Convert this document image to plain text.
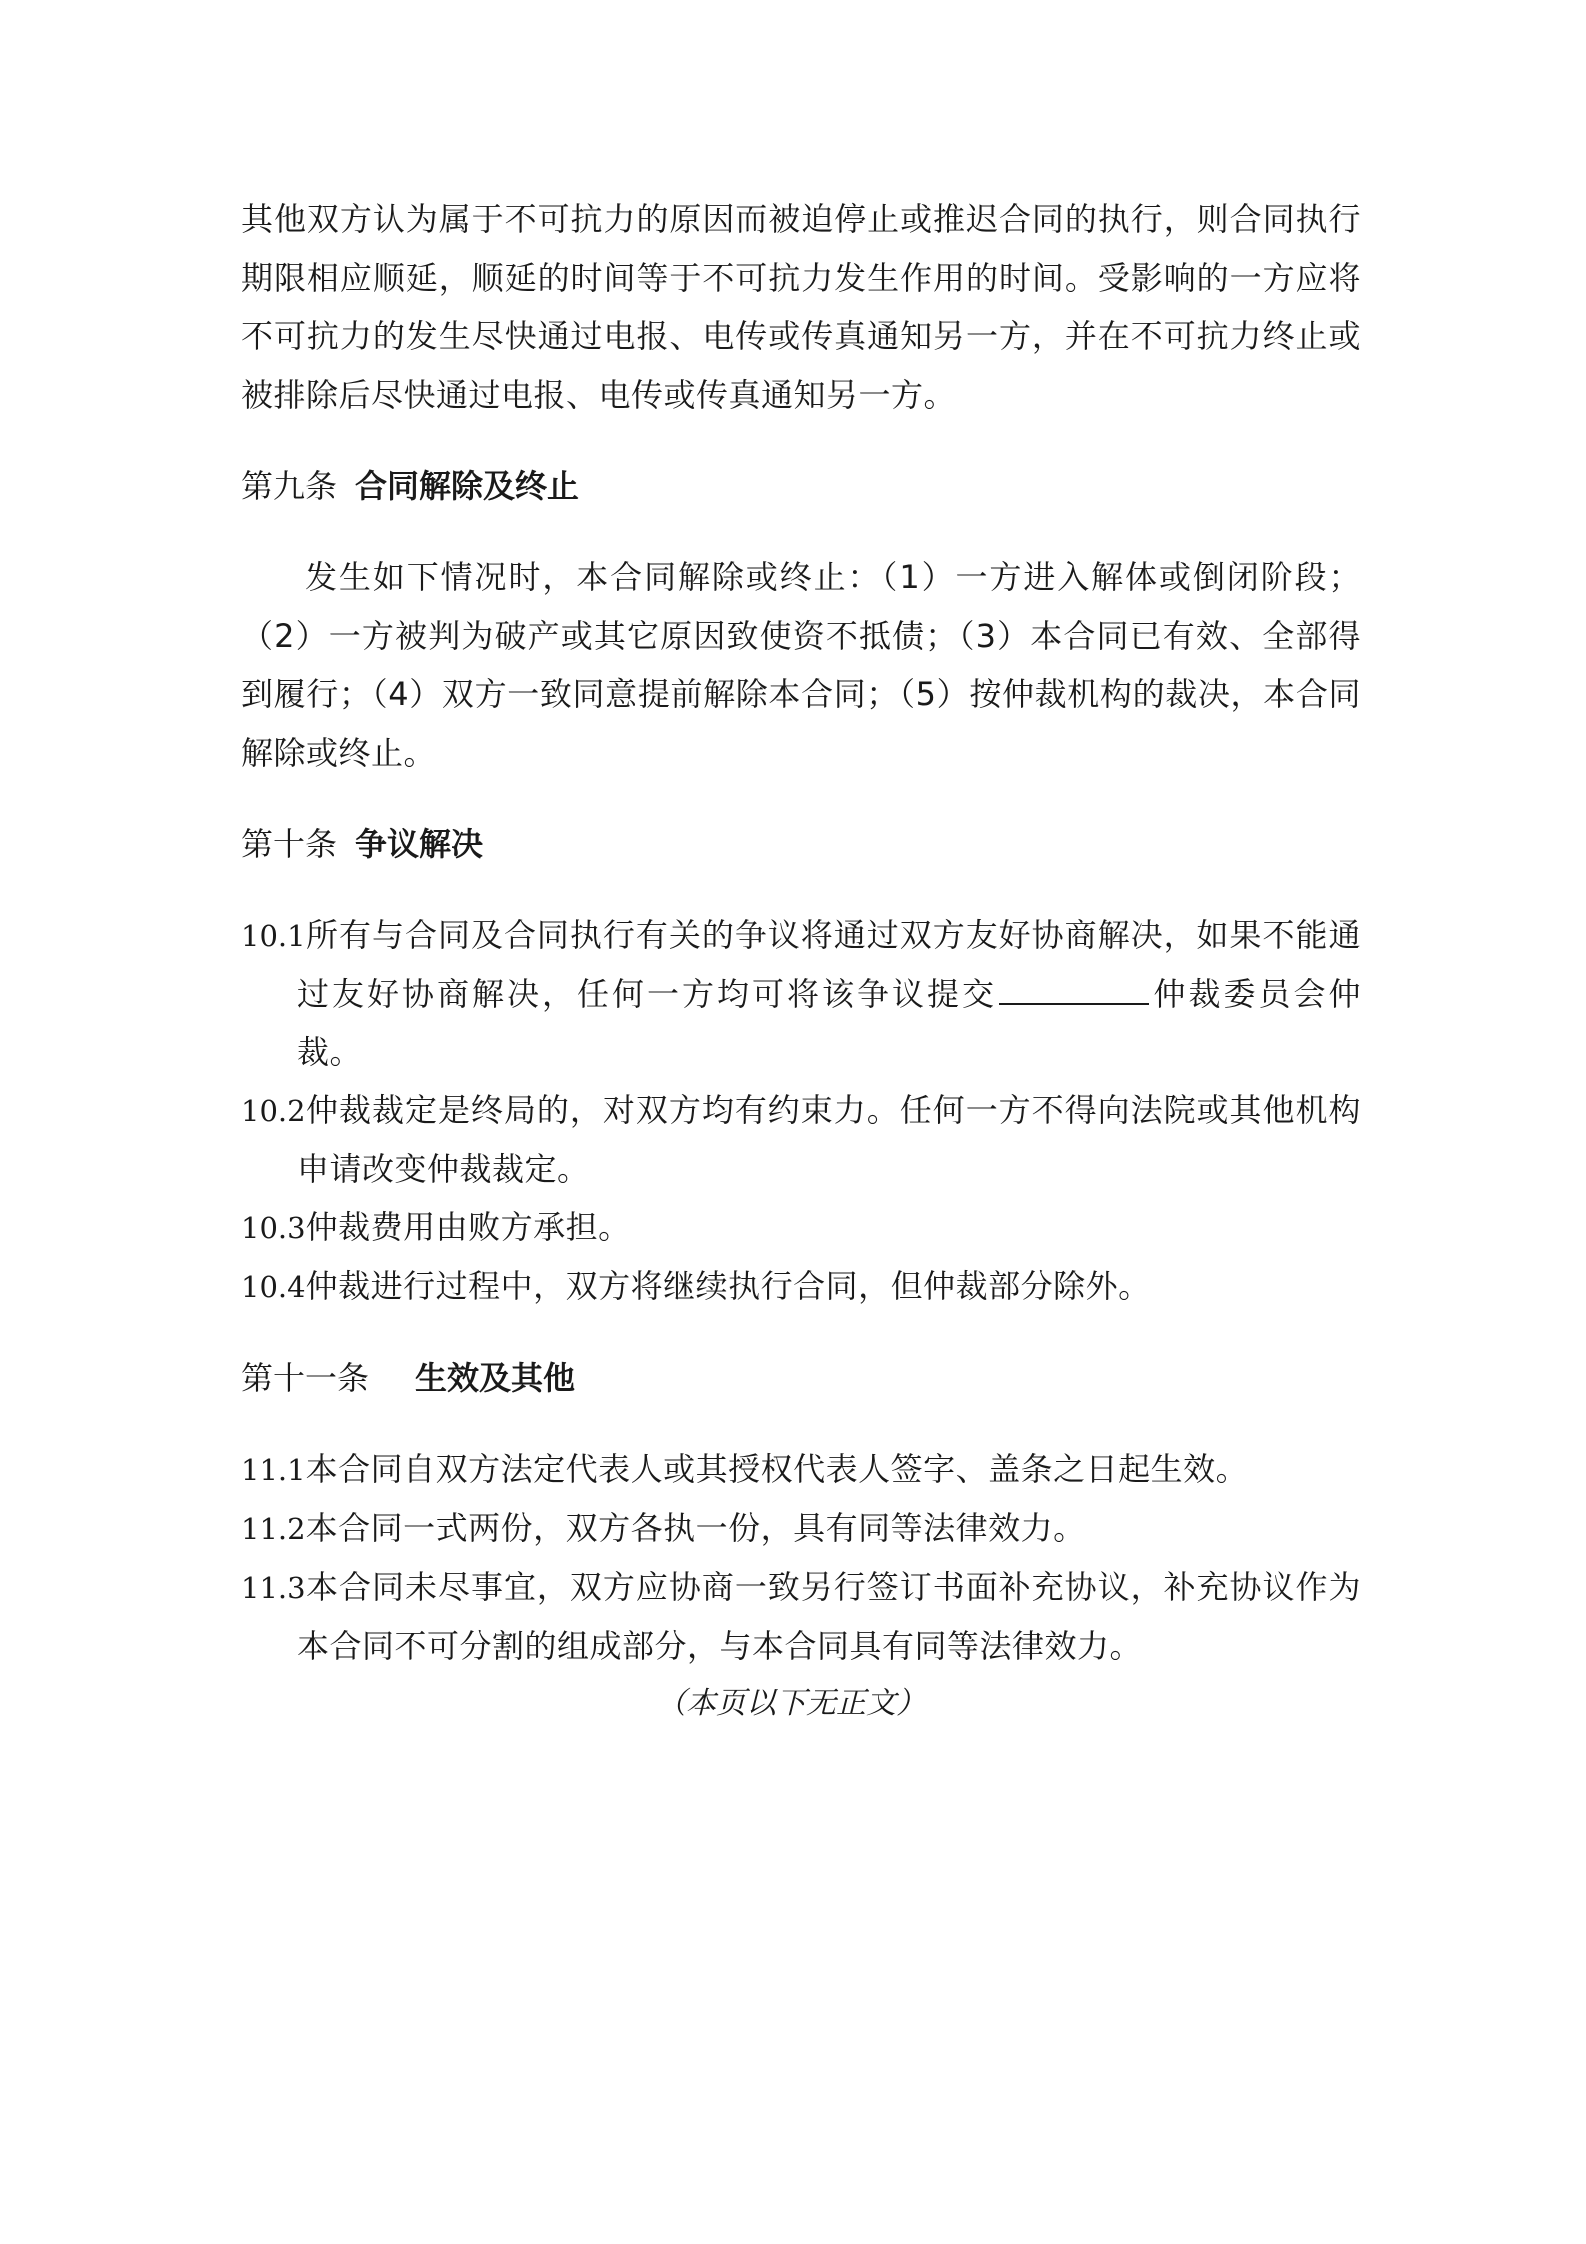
其他双方认为属于不可抗力的原因而被迫停止或推迟合同的执行，则合同执行期限相应顺延，顺延的时间等于不可抗力发生作用的时间。受影响的一方应将不可抗力的发生尽快通过电报、电传或传真通知另一方，并在不可抗力终止或被排除后尽快通过电报、电传或传真通知另一方。

第九条 合同解除及终止

发生如下情况时，本合同解除或终止：（1）一方进入解体或倒闭阶段；（2）一方被判为破产或其它原因致使资不抵债；（3）本合同已有效、全部得到履行；（4）双方一致同意提前解除本合同；（5）按仲裁机构的裁决，本合同解除或终止。

第十条 争议解决

10.1所有与合同及合同执行有关的争议将通过双方友好协商解决，如果不能通过友好协商解决，任何一方均可将该争议提交	仲裁委员会仲裁。

10.2仲裁裁定是终局的，对双方均有约束力。任何一方不得向法院或其他机构申请改变仲裁裁定。

10.3仲裁费用由败方承担。

10.4仲裁进行过程中，双方将继续执行合同，但仲裁部分除外。

第十一条 生效及其他

11.1本合同自双方法定代表人或其授权代表人签字、盖条之日起生效。

11.2本合同一式两份，双方各执一份，具有同等法律效力。

11.3本合同未尽事宜，双方应协商一致另行签订书面补充协议，补充协议作为本合同不可分割的组成部分，与本合同具有同等法律效力。

（本页以下无正文）
